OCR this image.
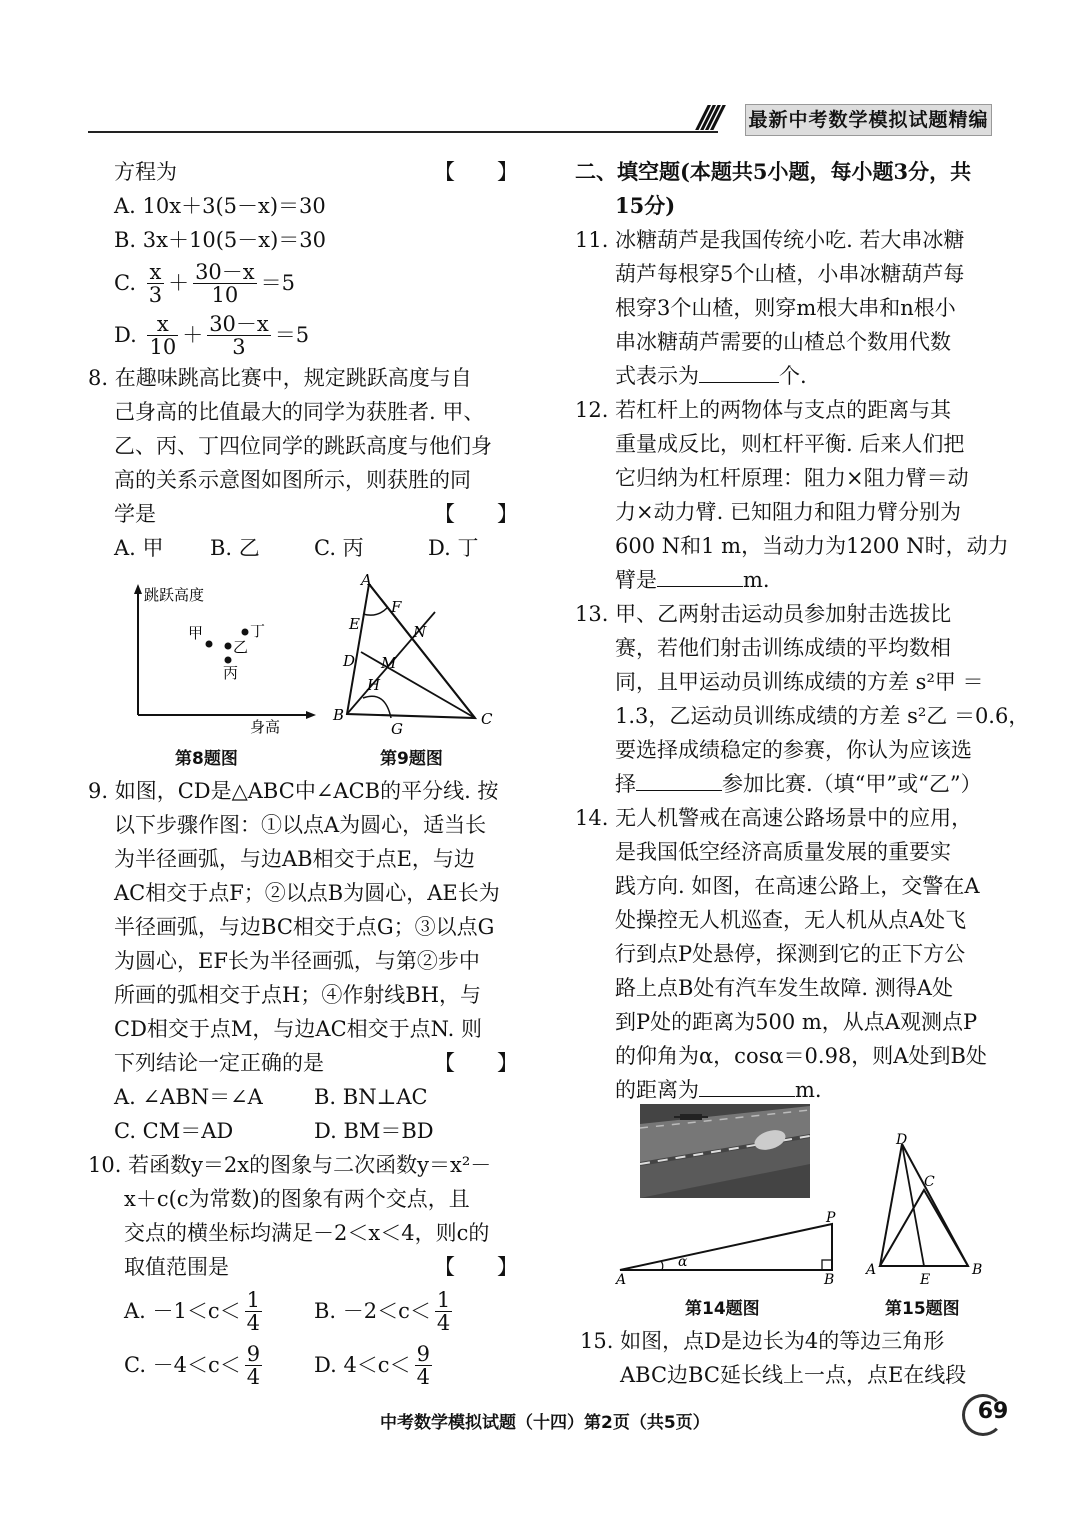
//// 最新中考数学模拟试题精编
方程为	【　　】
A. 10x＋3(5－x)＝30
B. 3x＋10(5－x)＝30
C.
$\frac{x}{3} + \frac{30-x}{10} =5$
D.
$\frac{x}{10} + \frac{30-x}{3} =5$
8. 在趣味跳高比赛中，规定跳跃高度与自
己身高的比值最大的同学为获胜者. 甲、
乙、丙、丁四位同学的跳跃高度与他们身
高的关系示意图如图所示，则获胜的同
学是	【　　】
A. 甲 B. 乙	C. 丙	D. 丁
跳跃高度
身高
甲
乙
丙
丁
第8题图
A
F
E	N
D M
H
B
G
C
第9题图
9. 如图，CD是△ABC中∠ACB的平分线. 按
以下步骤作图：①以点A为圆心，适当长
为半径画弧，与边AB相交于点E，与边
AC相交于点F；②以点B为圆心，AE长为
半径画弧，与边BC相交于点G；③以点G
为圆心，EF长为半径画弧，与第②步中
所画的弧相交于点H；④作射线BH，与
CD相交于点M，与边AC相交于点N. 则
下列结论一定正确的是	【　　】
A. ∠ABN＝∠A B. BN⊥AC
C. CM＝AD	D. BM＝BD
10. 若函数y＝2x的图象与二次函数y＝x²－
x＋c(c为常数)的图象有两个交点，且
交点的横坐标均满足－2＜x＜4，则c的
取值范围是	【　　】
A. $-1<c< \frac{1}{4} B$. $-2<c< \frac{1}{4}$
C. $-4<c< \frac{9}{4} D$. $4<c< \frac{9}{4}$
二、填空题(本题共5小题，每小题3分，共
15分)
11. 冰糖葫芦是我国传统小吃. 若大串冰糖
葫芦每根穿5个山楂，小串冰糖葫芦每
根穿3个山楂，则穿m根大串和n根小
串冰糖葫芦需要的山楂总个数用代数
式表示为	个.
12. 若杠杆上的两物体与支点的距离与其
重量成反比，则杠杆平衡. 后来人们把
它归纳为杠杆原理：阻力×阻力臂＝动
力×动力臂. 已知阻力和阻力臂分别为
600 N和1 m，当动力为1200 N时，动力
臂是	m.
13. 甲、乙两射击运动员参加射击选拔比
赛，若他们射击训练成绩的平均数相
同，且甲运动员训练成绩的方差 s²甲 ＝
1.3，乙运动员训练成绩的方差 s²乙 ＝0.6，
要选择成绩稳定的参赛，你认为应该选
择	参加比赛.（填“甲”或“乙”）
14. 无人机警戒在高速公路场景中的应用，
是我国低空经济高质量发展的重要实
践方向. 如图，在高速公路上，交警在A
处操控无人机巡查，无人机从点A处飞
行到点P处悬停，探测到它的正下方公
路上点B处有汽车发生故障. 测得A处
到P处的距离为500 m，从点A观测点P
的仰角为α，cosα＝0.98，则A处到B处
的距离为	m.
P
α
A	B
第14题图
D
C
A
E
B
第15题图
15. 如图，点D是边长为4的等边三角形
ABC边BC延长线上一点，点E在线段
中考数学模拟试题（十四）第2页（共5页）	69
